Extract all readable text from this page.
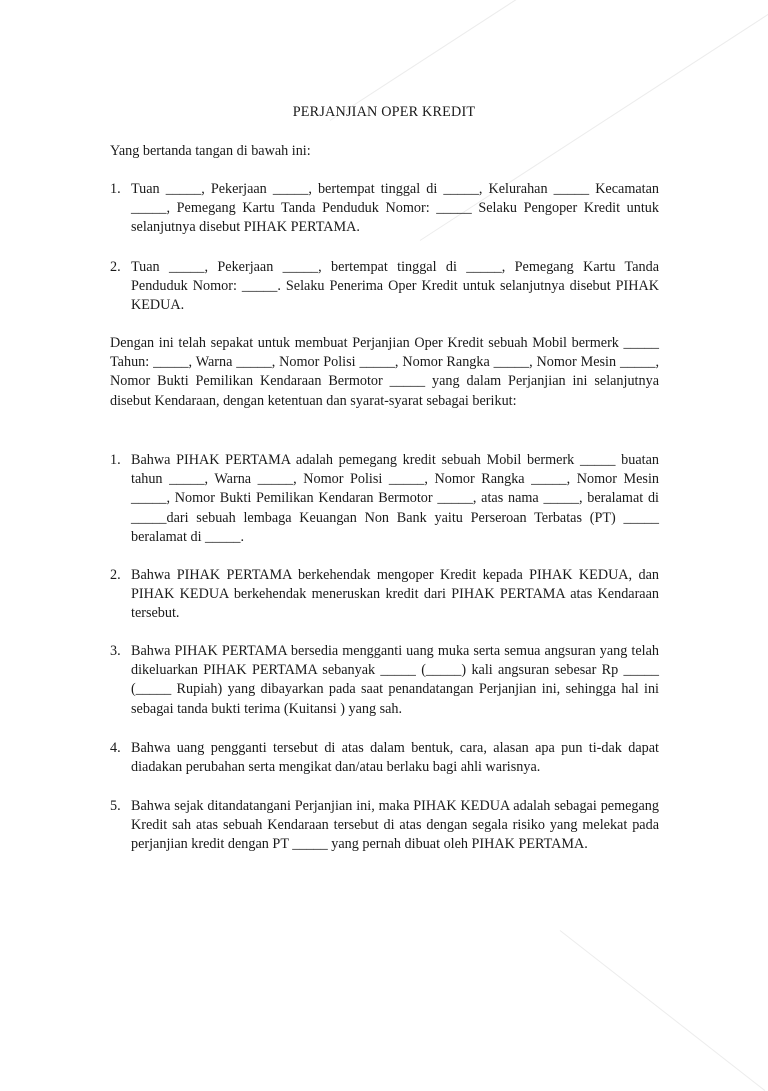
PERJANJIAN OPER KREDIT

Yang bertanda tangan di bawah ini:

1. Tuan _____, Pekerjaan _____, bertempat tinggal di _____, Kelurahan _____ Kecamatan _____, Pemegang Kartu Tanda Penduduk Nomor: _____ Selaku Pengoper Kredit untuk selanjutnya disebut PIHAK PERTAMA.
2. Tuan _____, Pekerjaan _____, bertempat tinggal di _____, Pemegang Kartu Tanda Penduduk Nomor: _____. Selaku Penerima Oper Kredit untuk selanjutnya disebut PIHAK KEDUA.

Dengan ini telah sepakat untuk membuat Perjanjian Oper Kredit sebuah Mobil bermerk _____ Tahun: _____, Warna _____, Nomor Polisi _____, Nomor Rangka _____, Nomor Mesin _____, Nomor Bukti Pemilikan Kendaraan Bermotor _____ yang dalam Perjanjian ini selanjutnya disebut Kendaraan, dengan ketentuan dan syarat-syarat sebagai berikut:

1. Bahwa PIHAK PERTAMA adalah pemegang kredit sebuah Mobil bermerk _____ buatan tahun _____, Warna _____, Nomor Polisi _____, Nomor Rangka _____, Nomor Mesin _____, Nomor Bukti Pemilikan Kendaran Bermotor _____, atas nama _____, beralamat di _____dari sebuah lembaga Keuangan Non Bank yaitu Perseroan Terbatas (PT) _____ beralamat di _____.
2. Bahwa PIHAK PERTAMA berkehendak mengoper Kredit kepada PIHAK KEDUA, dan PIHAK KEDUA berkehendak meneruskan kredit dari PIHAK PERTAMA atas Kendaraan tersebut.
3. Bahwa PIHAK PERTAMA bersedia mengganti uang muka serta semua angsuran yang telah dikeluarkan PIHAK PERTAMA sebanyak _____ (_____) kali angsuran sebesar Rp _____ (_____ Rupiah) yang dibayarkan pada saat penandatangan Perjanjian ini, sehingga hal ini sebagai tanda bukti terima (Kuitansi ) yang sah.
4. Bahwa uang pengganti tersebut di atas dalam bentuk, cara, alasan apa pun ti-dak dapat diadakan perubahan serta mengikat dan/atau berlaku bagi ahli warisnya.
5. Bahwa sejak ditandatangani Perjanjian ini, maka PIHAK KEDUA adalah sebagai pemegang Kredit sah atas sebuah Kendaraan tersebut di atas dengan segala risiko yang melekat pada perjanjian kredit dengan PT _____ yang pernah dibuat oleh PIHAK PERTAMA.
